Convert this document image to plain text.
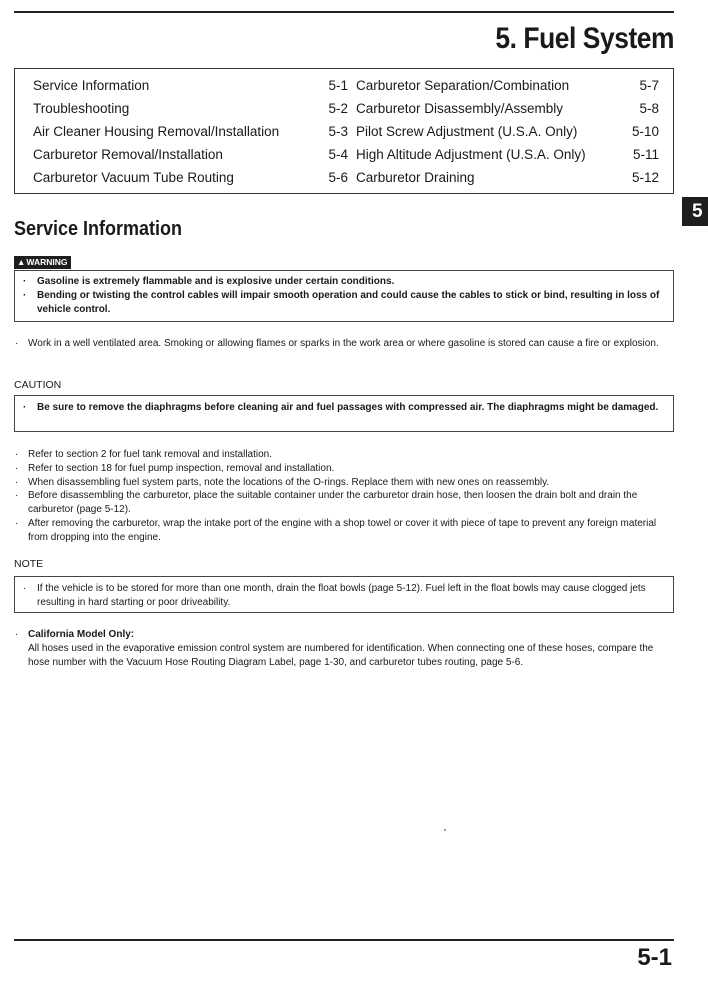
5. Fuel System
Service Information	5-1
Troubleshooting	5-2
Air Cleaner Housing Removal/Installation	5-3
Carburetor Removal/Installation	5-4
Carburetor Vacuum Tube Routing	5-6
Carburetor Separation/Combination	5-7
Carburetor Disassembly/Assembly	5-8
Pilot Screw Adjustment (U.S.A. Only)	5-10
High Altitude Adjustment (U.S.A. Only)	5-11
Carburetor Draining	5-12
5
Service Information
▲WARNING
· Gasoline is extremely flammable and is explosive under certain conditions.
· Bending or twisting the control cables will impair smooth operation and could cause the cables to stick or bind, resulting in loss of vehicle control.
· Work in a well ventilated area. Smoking or allowing flames or sparks in the work area or where gasoline is stored can cause a fire or explosion.
CAUTION
· Be sure to remove the diaphragms before cleaning air and fuel passages with compressed air. The diaphragms might be damaged.
· Refer to section 2 for fuel tank removal and installation.
· Refer to section 18 for fuel pump inspection, removal and installation.
· When disassembling fuel system parts, note the locations of the O-rings. Replace them with new ones on reassembly.
· Before disassembling the carburetor, place the suitable container under the carburetor drain hose, then loosen the drain bolt and drain the carburetor (page 5-12).
· After removing the carburetor, wrap the intake port of the engine with a shop towel or cover it with piece of tape to prevent any foreign material from dropping into the engine.
NOTE
· If the vehicle is to be stored for more than one month, drain the float bowls (page 5-12). Fuel left in the float bowls may cause clogged jets resulting in hard starting or poor driveability.
· California Model Only:
All hoses used in the evaporative emission control system are numbered for identification. When connecting one of these hoses, compare the hose number with the Vacuum Hose Routing Diagram Label, page 1-30, and carburetor tubes routing, page 5-6.
5-1
